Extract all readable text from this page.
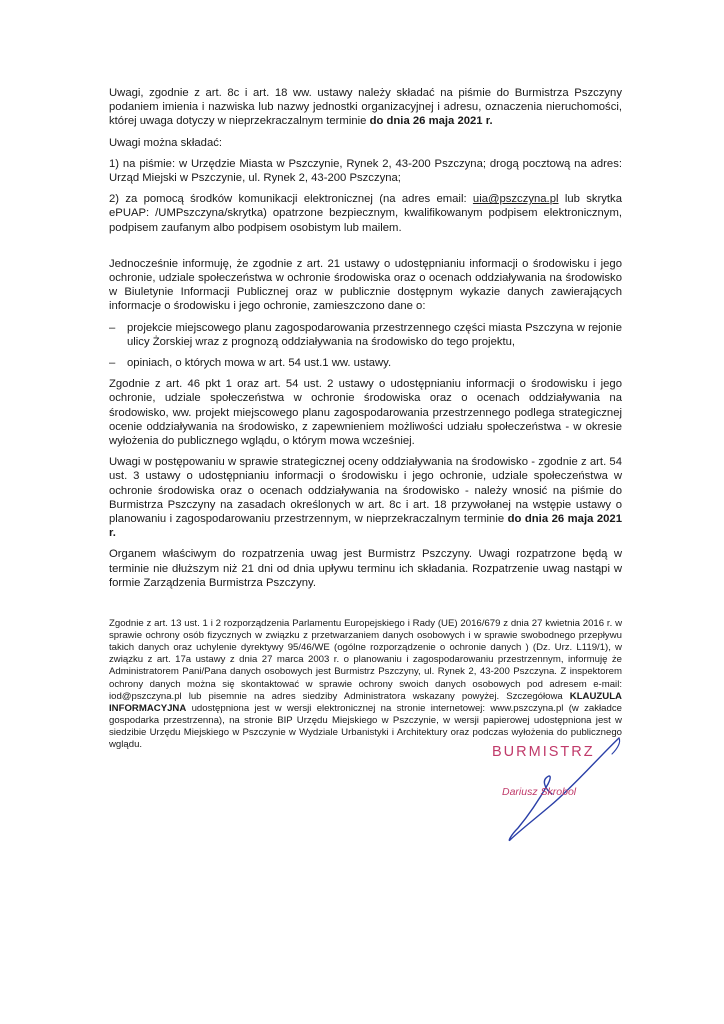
Uwagi, zgodnie z art. 8c i art. 18 ww. ustawy należy składać na piśmie do Burmistrza Pszczyny podaniem imienia i nazwiska lub nazwy jednostki organizacyjnej i adresu, oznaczenia nieruchomości, której uwaga dotyczy w nieprzekraczalnym terminie do dnia 26 maja 2021 r.

Uwagi można składać:

1) na piśmie: w Urzędzie Miasta w Pszczynie, Rynek 2, 43-200 Pszczyna; drogą pocztową na adres: Urząd Miejski w Pszczynie, ul. Rynek 2, 43-200 Pszczyna;

2) za pomocą środków komunikacji elektronicznej (na adres email: uia@pszczyna.pl lub skrytka ePUAP: /UMPszczyna/skrytka) opatrzone bezpiecznym, kwalifikowanym podpisem elektronicznym, podpisem zaufanym albo podpisem osobistym lub mailem.

Jednocześnie informuję, że zgodnie z art. 21 ustawy o udostępnianiu informacji o środowisku i jego ochronie, udziale społeczeństwa w ochronie środowiska oraz o ocenach oddziaływania na środowisko w Biuletynie Informacji Publicznej oraz w publicznie dostępnym wykazie danych zawierających informacje o środowisku i jego ochronie, zamieszczono dane o:

– projekcie miejscowego planu zagospodarowania przestrzennego części miasta Pszczyna w rejonie ulicy Żorskiej wraz z prognozą oddziaływania na środowisko do tego projektu,

– opiniach, o których mowa w art. 54 ust.1 ww. ustawy.

Zgodnie z art. 46 pkt 1 oraz art. 54 ust. 2 ustawy o udostępnianiu informacji o środowisku i jego ochronie, udziale społeczeństwa w ochronie środowiska oraz o ocenach oddziaływania na środowisko, ww. projekt miejscowego planu zagospodarowania przestrzennego podlega strategicznej ocenie oddziaływania na środowisko, z zapewnieniem możliwości udziału społeczeństwa - w okresie wyłożenia do publicznego wglądu, o którym mowa wcześniej.

Uwagi w postępowaniu w sprawie strategicznej oceny oddziaływania na środowisko - zgodnie z art. 54 ust. 3 ustawy o udostępnianiu informacji o środowisku i jego ochronie, udziale społeczeństwa w ochronie środowiska oraz o ocenach oddziaływania na środowisko - należy wnosić na piśmie do Burmistrza Pszczyny na zasadach określonych w art. 8c i art. 18 przywołanej na wstępie ustawy o planowaniu i zagospodarowaniu przestrzennym, w nieprzekraczalnym terminie do dnia 26 maja 2021 r.

Organem właściwym do rozpatrzenia uwag jest Burmistrz Pszczyny. Uwagi rozpatrzone będą w terminie nie dłuższym niż 21 dni od dnia upływu terminu ich składania. Rozpatrzenie uwag nastąpi w formie Zarządzenia Burmistrza Pszczyny.

Zgodnie z art. 13 ust. 1 i 2 rozporządzenia Parlamentu Europejskiego i Rady (UE) 2016/679 z dnia 27 kwietnia 2016 r. w sprawie ochrony osób fizycznych w związku z przetwarzaniem danych osobowych i w sprawie swobodnego przepływu takich danych oraz uchylenie dyrektywy 95/46/WE (ogólne rozporządzenie o ochronie danych ) (Dz. Urz. L119/1), w związku z art. 17a ustawy z dnia 27 marca 2003 r. o planowaniu i zagospodarowaniu przestrzennym, informuję że Administratorem Pani/Pana danych osobowych jest Burmistrz Pszczyny, ul. Rynek 2, 43-200 Pszczyna. Z inspektorem ochrony danych można się skontaktować w sprawie ochrony swoich danych osobowych pod adresem e-mail: iod@pszczyna.pl lub pisemnie na adres siedziby Administratora wskazany powyżej. Szczegółowa KLAUZULA INFORMACYJNA udostępniona jest w wersji elektronicznej na stronie internetowej: www.pszczyna.pl (w zakładce gospodarka przestrzenna), na stronie BIP Urzędu Miejskiego w Pszczynie, w wersji papierowej udostępniona jest w siedzibie Urzędu Miejskiego w Pszczynie w Wydziale Urbanistyki i Architektury oraz podczas wyłożenia do publicznego wglądu.	BURMISTRZ
Dariusz Skrobol
